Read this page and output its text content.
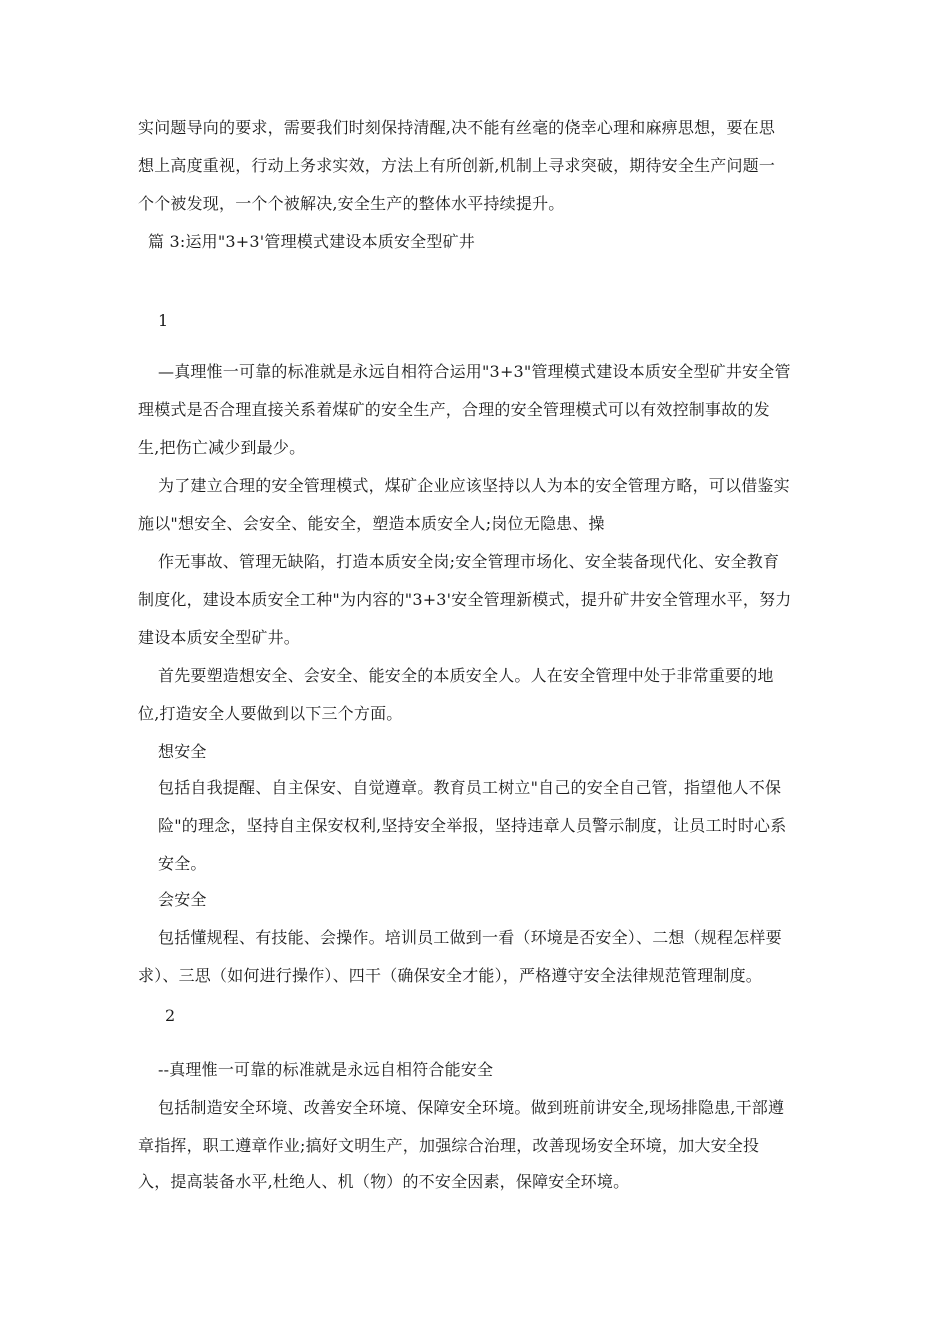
实问题导向的要求，需要我们时刻保持清醒,决不能有丝毫的侥幸心理和麻痹思想，要在思
想上高度重视，行动上务求实效，方法上有所创新,机制上寻求突破，期待安全生产问题一
个个被发现，一个个被解决,安全生产的整体水平持续提升。
篇 3:运用"3+3'管理模式建设本质安全型矿井
1
—真理惟一可靠的标准就是永远自相符合运用"3+3"管理模式建设本质安全型矿井安全管
理模式是否合理直接关系着煤矿的安全生产，合理的安全管理模式可以有效控制事故的发
生,把伤亡减少到最少。
为了建立合理的安全管理模式，煤矿企业应该坚持以人为本的安全管理方略，可以借鉴实
施以"想安全、会安全、能安全，塑造本质安全人;岗位无隐患、操
作无事故、管理无缺陷，打造本质安全岗;安全管理市场化、安全装备现代化、安全教育
制度化，建设本质安全工种"为内容的"3+3'安全管理新模式，提升矿井安全管理水平，努力
建设本质安全型矿井。
首先要塑造想安全、会安全、能安全的本质安全人。人在安全管理中处于非常重要的地
位,打造安全人要做到以下三个方面。
想安全
包括自我提醒、自主保安、自觉遵章。教育员工树立"自己的安全自己管，指望他人不保
险"的理念，坚持自主保安权利,坚持安全举报，坚持违章人员警示制度，让员工时时心系
安全。
会安全
包括懂规程、有技能、会操作。培训员工做到一看（环境是否安全）、二想（规程怎样要
求）、三思（如何进行操作）、四干（确保安全才能），严格遵守安全法律规范管理制度。
2
--真理惟一可靠的标准就是永远自相符合能安全
包括制造安全环境、改善安全环境、保障安全环境。做到班前讲安全,现场排隐患,干部遵
章指挥，职工遵章作业;搞好文明生产，加强综合治理，改善现场安全环境，加大安全投
入，提高装备水平,杜绝人、机（物）的不安全因素，保障安全环境。
